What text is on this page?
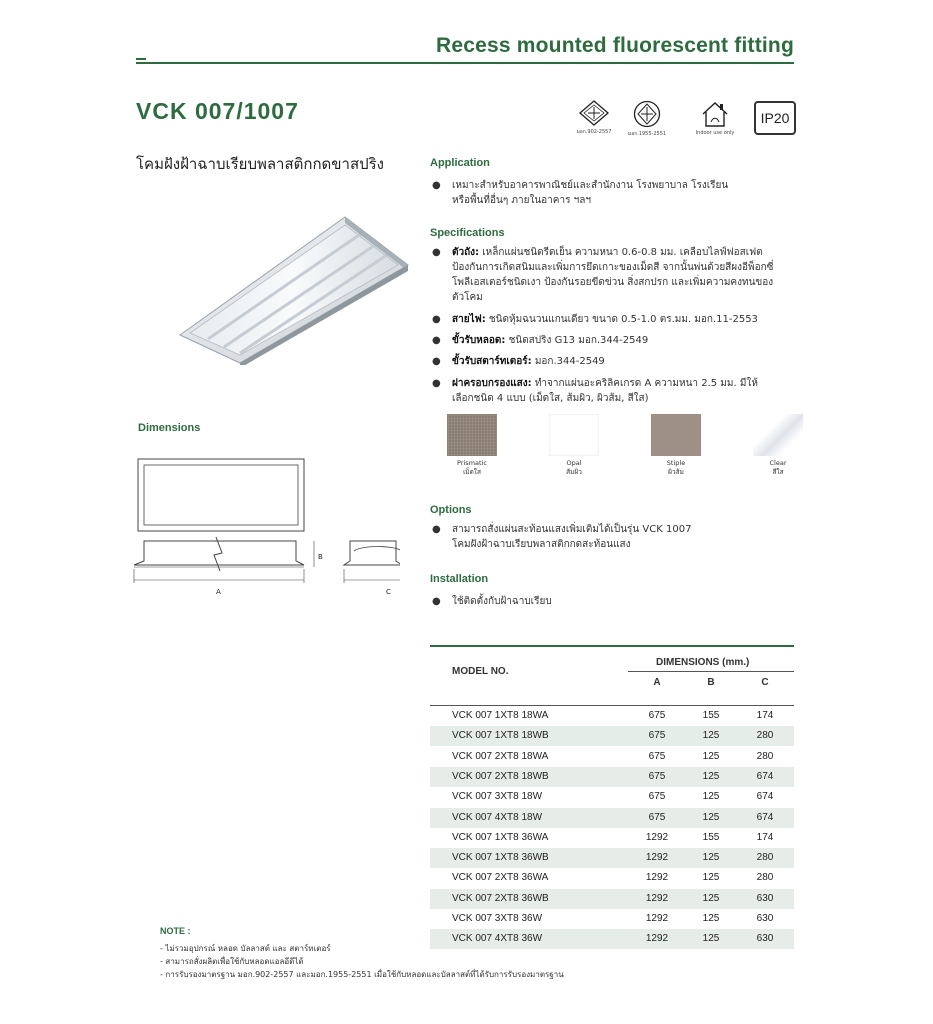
Recess mounted fluorescent fitting
VCK 007/1007
โคมฝังฝ้าฉาบเรียบพลาสติกกดขาสปริง
มอก.902-2557	มอก.1955-2551	Indoor use only
IP20
Dimensions
A
B
C
Application
● เหมาะสำหรับอาคารพาณิชย์และสำนักงาน โรงพยาบาล โรงเรียน
หรือพื้นที่อื่นๆ ภายในอาคาร ฯลฯ
Specifications
● ตัวถัง: เหล็กแผ่นชนิดรีดเย็น ความหนา 0.6-0.8 มม. เคลือบไลฟ์ฟอสเฟต
ป้องกันการเกิดสนิมและเพิ่มการยึดเกาะของเม็ดสี จากนั้นพ่นด้วยสีผงอีพ็อกซี่
โพลีเอสเตอร์ชนิดเงา ป้องกันรอยขีดข่วน สิ่งสกปรก และเพิ่มความคงทนของ
ตัวโคม
● สายไฟ: ชนิดหุ้มฉนวนแกนเดียว ขนาด 0.5-1.0 ตร.มม. มอก.11-2553
● ขั้วรับหลอด: ชนิดสปริง G13 มอก.344-2549
● ขั้วรับสตาร์ทเตอร์: มอก.344-2549
● ฝาครอบกรองแสง: ทำจากแผ่นอะคริลิคเกรด A ความหนา 2.5 มม. มีให้
เลือกชนิด 4 แบบ (เม็ดใส, ส้มผิว, ผิวส้ม, สีใส)
Prismatic
เม็ดใส
Opal
ส้มผิว
Stiple
ผิวส้ม
Clear
สีใส
Options
● สามารถสั่งแผ่นสะท้อนแสงเพิ่มเติมได้เป็นรุ่น VCK 1007
โคมฝังฝ้าฉาบเรียบพลาสติกกดสะท้อนแสง
Installation
● ใช้ติดตั้งกับฝ้าฉาบเรียบ
MODEL NO.
DIMENSIONS (mm.)
A	B	C
VCK 007 1XT8 18WA	675	155	174
VCK 007 1XT8 18WB	675	125	280
VCK 007 2XT8 18WA	675	125	280
VCK 007 2XT8 18WB	675	125	674
VCK 007 3XT8 18W	675	125	674
VCK 007 4XT8 18W	675	125	674
VCK 007 1XT8 36WA	1292	155	174
VCK 007 1XT8 36WB	1292	125	280
VCK 007 2XT8 36WA	1292	125	280
VCK 007 2XT8 36WB	1292	125	630
VCK 007 3XT8 36W	1292	125	630
VCK 007 4XT8 36W	1292	125	630
NOTE :
- ไม่รวมอุปกรณ์ หลอด บัลลาสต์ และ สตาร์ทเตอร์
- สามารถสั่งผลิตเพื่อใช้กับหลอดแอลอีดีได้
- การรับรองมาตรฐาน มอก.902-2557 และมอก.1955-2551 เมื่อใช้กับหลอดและบัลลาสต์ที่ได้รับการรับรองมาตรฐาน
